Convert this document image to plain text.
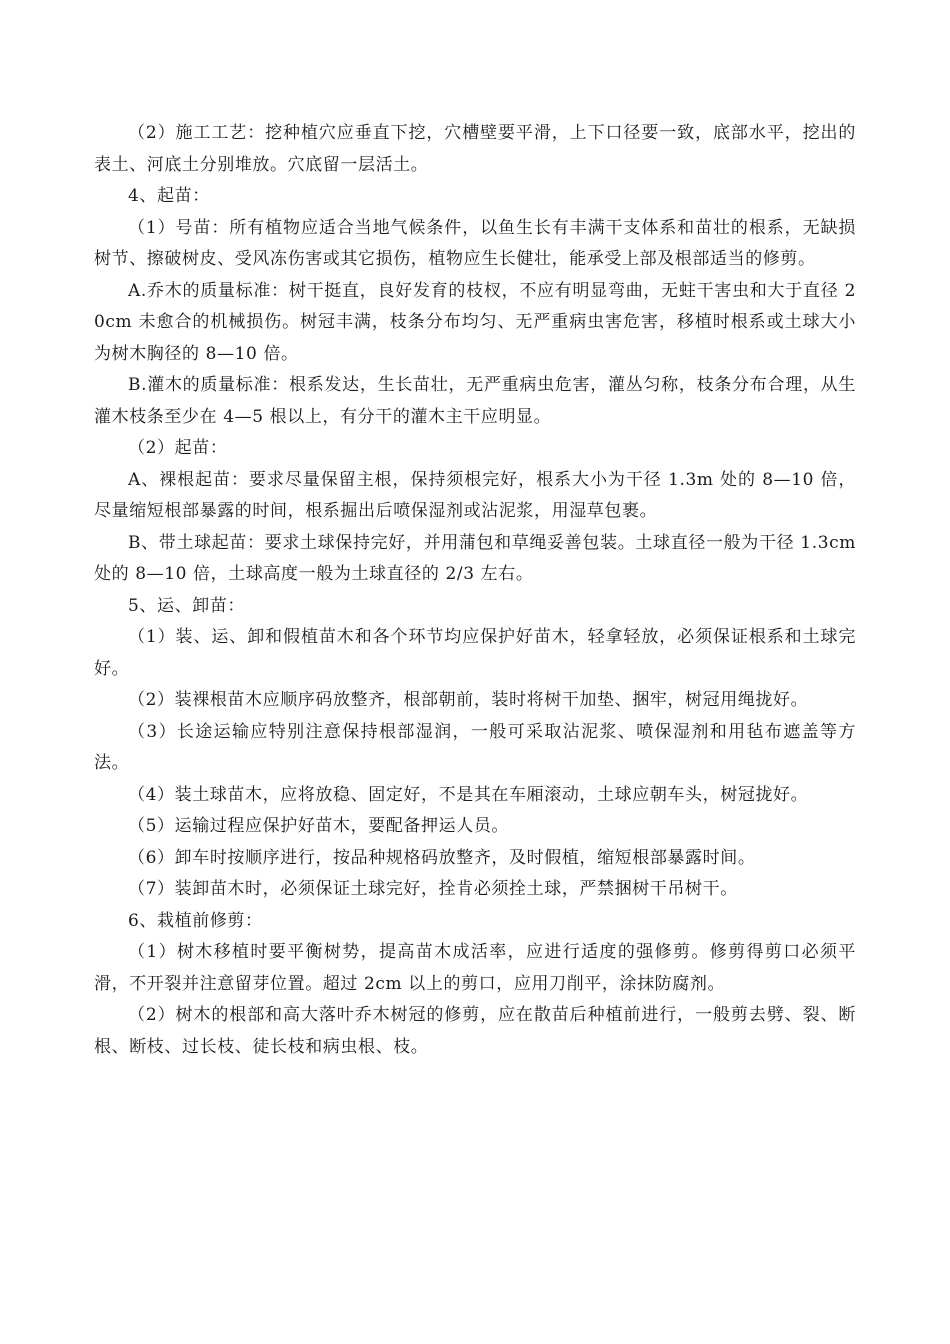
（2）施工工艺：挖种植穴应垂直下挖，穴槽壁要平滑，上下口径要一致，底部水平，挖出的表土、河底土分别堆放。穴底留一层活土。

4、起苗：

（1）号苗：所有植物应适合当地气候条件，以鱼生长有丰满干支体系和苗壮的根系，无缺损树节、擦破树皮、受风冻伤害或其它损伤，植物应生长健壮，能承受上部及根部适当的修剪。

A.乔木的质量标准：树干挺直，良好发育的枝杈，不应有明显弯曲，无蛀干害虫和大于直径 20cm 未愈合的机械损伤。树冠丰满，枝条分布均匀、无严重病虫害危害，移植时根系或土球大小为树木胸径的 8—10 倍。

B.灌木的质量标准：根系发达，生长苗壮，无严重病虫危害，灌丛匀称，枝条分布合理，从生灌木枝条至少在 4—5 根以上，有分干的灌木主干应明显。

（2）起苗：

A、裸根起苗：要求尽量保留主根，保持须根完好，根系大小为干径 1.3m 处的 8—10 倍，尽量缩短根部暴露的时间，根系掘出后喷保湿剂或沾泥浆，用湿草包裹。

B、带土球起苗：要求土球保持完好，并用蒲包和草绳妥善包装。土球直径一般为干径 1.3cm处的 8—10 倍，土球高度一般为土球直径的 2/3 左右。

5、运、卸苗：

（1）装、运、卸和假植苗木和各个环节均应保护好苗木，轻拿轻放，必须保证根系和土球完好。

（2）装裸根苗木应顺序码放整齐，根部朝前，装时将树干加垫、捆牢，树冠用绳拢好。

（3）长途运输应特别注意保持根部湿润，一般可采取沾泥浆、喷保湿剂和用毡布遮盖等方法。

（4）装土球苗木，应将放稳、固定好，不是其在车厢滚动，土球应朝车头，树冠拢好。

（5）运输过程应保护好苗木，要配备押运人员。

（6）卸车时按顺序进行，按品种规格码放整齐，及时假植，缩短根部暴露时间。

（7）装卸苗木时，必须保证土球完好，拴肯必须拴土球，严禁捆树干吊树干。

6、栽植前修剪：

（1）树木移植时要平衡树势，提高苗木成活率，应进行适度的强修剪。修剪得剪口必须平滑，不开裂并注意留芽位置。超过 2cm 以上的剪口，应用刀削平，涂抹防腐剂。

（2）树木的根部和高大落叶乔木树冠的修剪，应在散苗后种植前进行，一般剪去劈、裂、断根、断枝、过长枝、徒长枝和病虫根、枝。
